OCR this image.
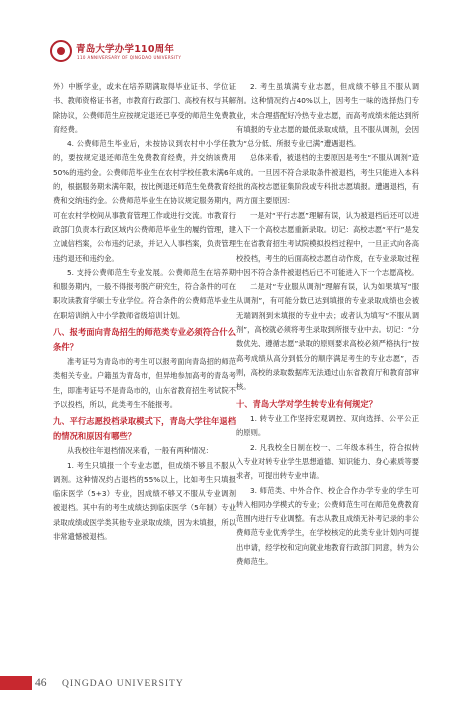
青岛大学办学110周年
110 ANNIVERSARY OF QINGDAO UNIVERSITY

外）中断学业，或未在培养期满取得毕业证书、学位证书、教师资格证书者，市教育行政部门、高校有权与其解除协议，公费师范生应按规定退还已享受的师范生免费教育经费。

4. 公费师范生毕业后，未按协议到农村中小学任教的，要按规定退还师范生免费教育经费，并交纳该费用50%的违约金。公费师范毕业生在农村学校任教未满6年的，根据服务期未满年限，按比例退还师范生免费教育经费和交纳违约金。公费师范毕业生在协议规定服务期内，可在农村学校间从事教育管理工作或进行交流。市教育行政部门负责本行政区域内公费师范毕业生的履约管理，建立诚信档案，公布违约记录，并记入人事档案，负责管理违约退还和违约金。

5. 支持公费师范生专业发展。公费师范生在培养期和服务期内，一般不得报考脱产研究生，符合条件的可在职攻读教育学硕士专业学位。符合条件的公费师范毕业生在职培训纳入中小学教师省级培训计划。

八、报考面向青岛招生的师范类专业必须符合什么条件？

准考证号为青岛市的考生可以报考面向青岛招的师范类相关专业。户籍虽为青岛市，但异地参加高考的青岛考生，即准考证号不是青岛市的，山东省教育招生考试院不予以投档，所以，此类考生不能报考。

九、平行志愿投档录取模式下，青岛大学往年退档的情况和原因有哪些？

从我校往年退档情况来看，一般有两种情况：

1. 考生只填报一个专业志愿，但成绩不够且不服从调剂。这种情况约占退档的55%以上，比如考生只填报临床医学（5+3）专业，因成绩不够又不服从专业调剂被退档。其中有的考生成绩达到临床医学（5年制）专业录取成绩或医学类其他专业录取成绩，因为未填报，所以非常遗憾被退档。

2. 考生虽填满专业志愿，但成绩不够且不服从调剂。这种情况约占40%以上，因考生一味的选择热门专业，未合理搭配好冷热专业志愿，而高考成绩未能达到所有填报的专业志愿的最低录取成绩，且不服从调剂，会因为“总分低、所报专业已满”遭遇退档。

总体来看，被退档的主要原因是考生“不服从调剂”造成的。一旦因不符合录取条件被退档，考生只能进入本科批的高校志愿征集阶段或专科批志愿填报。遭遇退档，有两方面主要原因：

一是对“平行志愿”理解有误，认为被退档后还可以进入下一个高校志愿重新录取。切记：高校志愿“平行”是发生在省教育招生考试院模拟投档过程中，一旦正式向各高校投档，考生的后面高校志愿自动作废，在专业录取过程中因不符合条件被退档后已不可能进入下一个志愿高校。

二是对“专业服从调剂”理解有误，认为如果填写“服从调剂”，有可能分数已达到填报的专业录取成绩也会被无端调剂到未填报的专业中去；或者认为填写“不服从调剂”，高校就必须将考生录取到所报专业中去。切记：“分数优先、遵循志愿”录取的原则要求高校必须严格执行“按高考成绩从高分到低分的顺序满足考生的专业志愿”，否则，高校的录取数据库无法通过山东省教育厅和教育部审核。

十、青岛大学对学生转专业有何规定？

1. 转专业工作坚持宏观调控、双向选择、公平公正的原则。

2. 凡我校全日制在校一、二年级本科生，符合拟转入专业对转专业学生思想道德、知识能力、身心素质等要求者，可提出转专业申请。

3. 师范类、中外合作、校企合作办学专业的学生可转入相同办学模式的专业；公费师范生可在师范免费教育范围内进行专业调整。有志从教且成绩无补考记录的非公费师范专业优秀学生，在学校核定的此类专业计划内可提出申请，经学校和定向就业地教育行政部门同意，转为公费师范生。

46 QINGDAO UNIVERSITY
